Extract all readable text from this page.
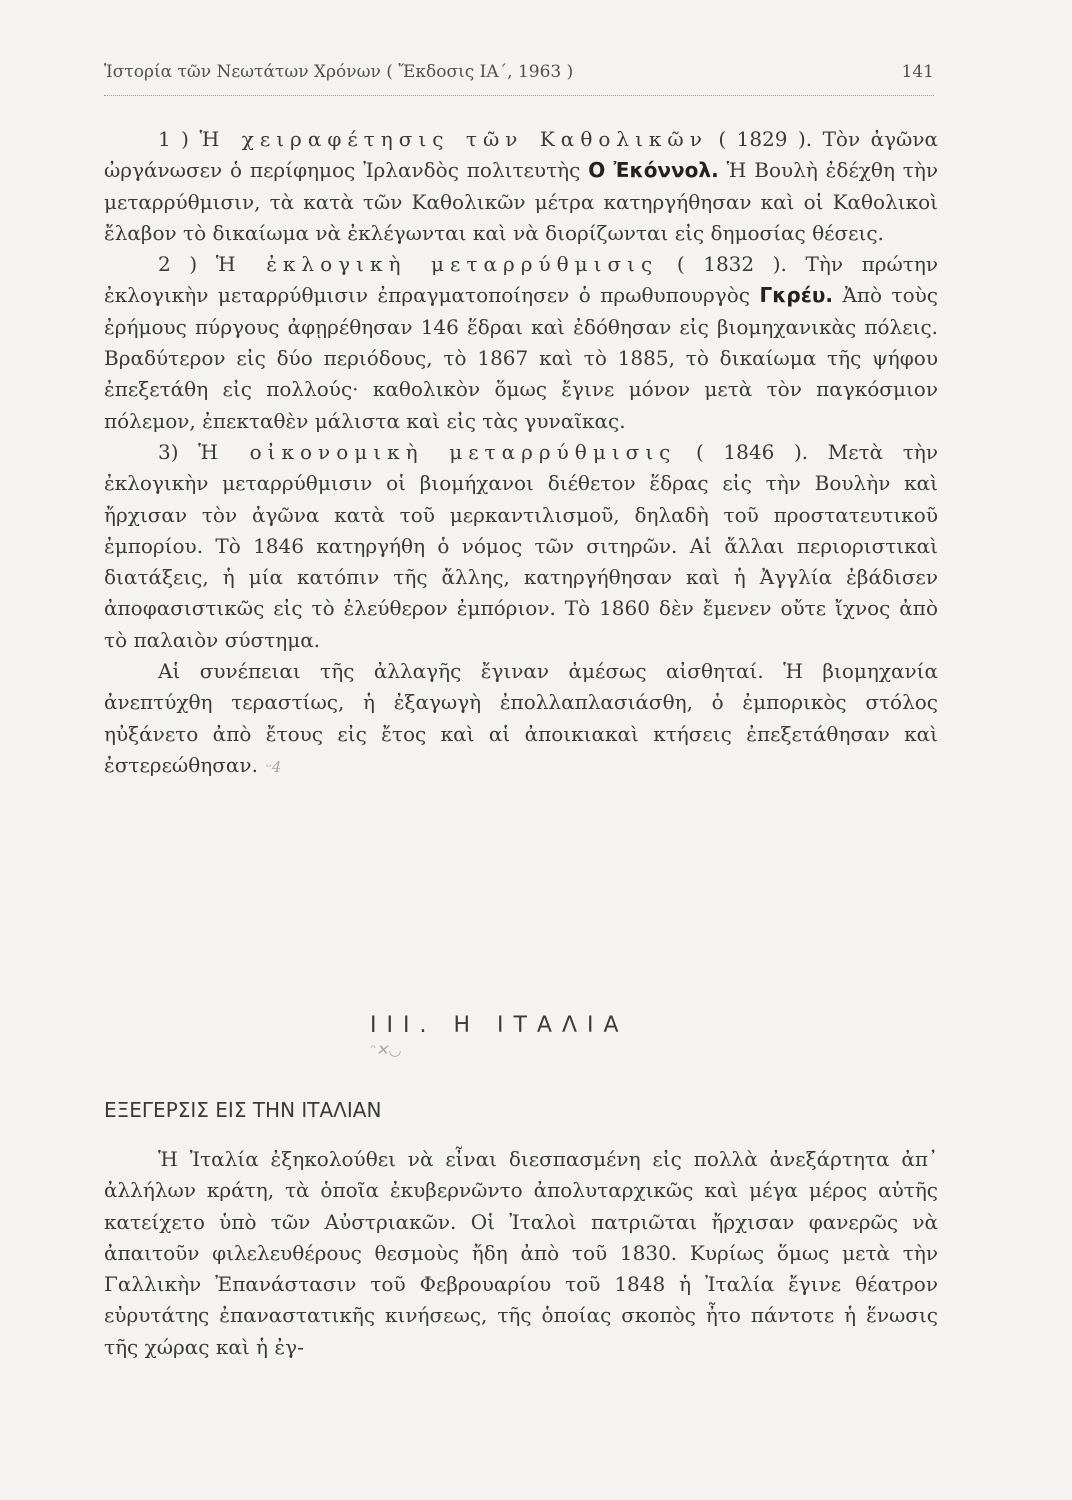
Ἱστορία τῶν Νεωτάτων Χρόνων ( Ἔκδοσις ΙΑ΄, 1963 )	141

1 ) Ἡ χειραφέτησις τῶν Καθολικῶν ( 1829 ). Τὸν ἀγῶνα ὠργάνωσεν ὁ περίφημος Ἰρλανδὸς πολιτευτὴς Ο Ἐκόννολ. Ἡ Βουλὴ ἐδέχθη τὴν μεταρρύθμισιν, τὰ κατὰ τῶν Καθολικῶν μέτρα κατηργήθησαν καὶ οἱ Καθολικοὶ ἔλαβον τὸ δικαίωμα νὰ ἐκλέγωνται καὶ νὰ διορίζωνται εἰς δημοσίας θέσεις.

2 ) Ἡ ἐκλογικὴ μεταρρύθμισις ( 1832 ). Τὴν πρώτην ἐκλογικὴν μεταρρύθμισιν ἐπραγματοποίησεν ὁ πρωθυπουργὸς Γκρέυ. Ἀπὸ τοὺς ἐρήμους πύργους ἀφῃρέθησαν 146 ἕδραι καὶ ἐδόθησαν εἰς βιομηχανικὰς πόλεις. Βραδύτερον εἰς δύο περιόδους, τὸ 1867 καὶ τὸ 1885, τὸ δικαίωμα τῆς ψήφου ἐπεξετάθη εἰς πολλούς· καθολικὸν ὅμως ἔγινε μόνον μετὰ τὸν παγκόσμιον πόλεμον, ἐπεκταθὲν μάλιστα καὶ εἰς τὰς γυναῖκας.

3) Ἡ οἰκονομικὴ μεταρρύθμισις ( 1846 ). Μετὰ τὴν ἐκλογικὴν μεταρρύθμισιν οἱ βιομήχανοι διέθετον ἕδρας εἰς τὴν Βουλὴν καὶ ἤρχισαν τὸν ἀγῶνα κατὰ τοῦ μερκαντιλισμοῦ, δηλαδὴ τοῦ προστατευτικοῦ ἐμπορίου. Τὸ 1846 κατηργήθη ὁ νόμος τῶν σιτηρῶν. Αἱ ἄλλαι περιοριστικαὶ διατάξεις, ἡ μία κατόπιν τῆς ἄλλης, κατηργήθησαν καὶ ἡ Ἀγγλία ἐβάδισεν ἀποφασιστικῶς εἰς τὸ ἐλεύθερον ἐμπόριον. Τὸ 1860 δὲν ἔμενεν οὔτε ἴχνος ἀπὸ τὸ παλαιὸν σύστημα.

Αἱ συνέπειαι τῆς ἀλλαγῆς ἔγιναν ἀμέσως αἰσθηταί. Ἡ βιομηχανία ἀνεπτύχθη τεραστίως, ἡ ἐξαγωγὴ ἐπολλαπλασιάσθη, ὁ ἐμπορικὸς στόλος ηὐξάνετο ἀπὸ ἔτους εἰς ἔτος καὶ αἱ ἀποικιακαὶ κτήσεις ἐπεξετάθησαν καὶ ἐστερεώθησαν. ᵕ4

III. Η ΙΤΑΛΙΑ
ᵔ✕◡
ΕΞΕΓΕΡΣΙΣ ΕΙΣ ΤΗΝ ΙΤΑΛΙΑΝ

Ἡ Ἰταλία ἐξηκολούθει νὰ εἶναι διεσπασμένη εἰς πολλὰ ἀνεξάρτητα ἀπ᾿ ἀλλήλων κράτη, τὰ ὁποῖα ἐκυβερνῶντο ἀπολυταρχικῶς καὶ μέγα μέρος αὐτῆς κατείχετο ὑπὸ τῶν Αὐστριακῶν. Οἱ Ἰταλοὶ πατριῶται ἤρχισαν φανερῶς νὰ ἀπαιτοῦν φιλελευθέρους θεσμοὺς ἤδη ἀπὸ τοῦ 1830. Κυρίως ὅμως μετὰ τὴν Γαλλικὴν Ἐπανάστασιν τοῦ Φεβρουαρίου τοῦ 1848 ἡ Ἰταλία ἔγινε θέατρον εὐρυτάτης ἐπαναστατικῆς κινήσεως, τῆς ὁποίας σκοπὸς ἦτο πάντοτε ἡ ἕνωσις τῆς χώρας καὶ ἡ ἐγ-
